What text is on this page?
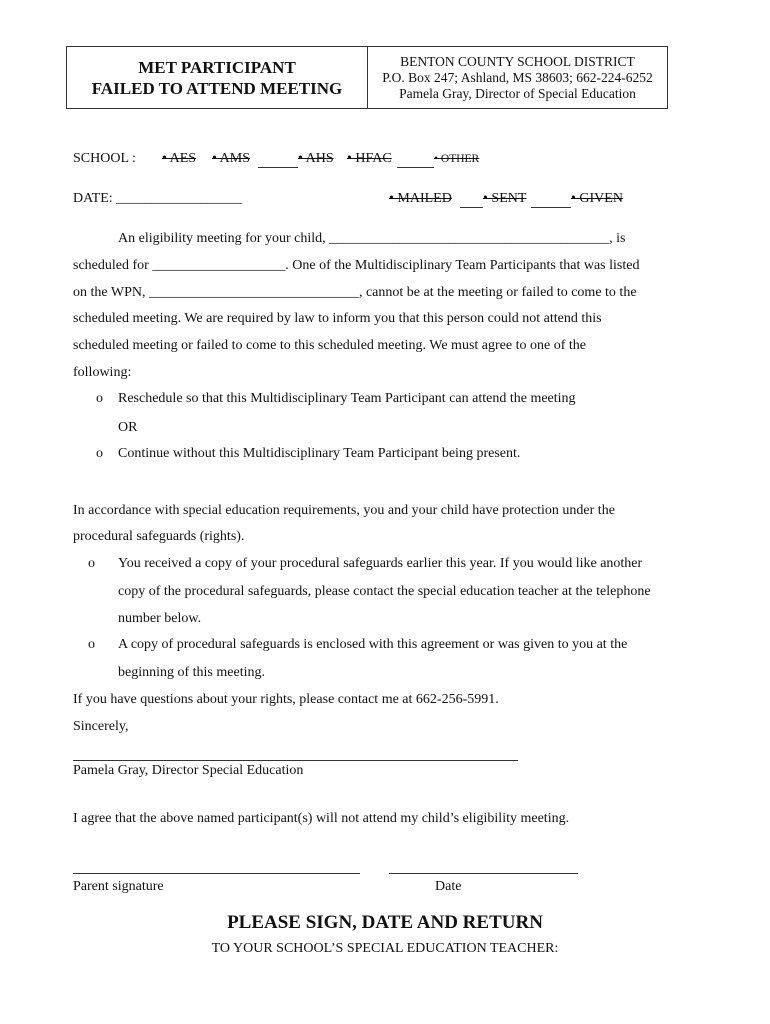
MET PARTICIPANT
FAILED TO ATTEND MEETING
BENTON COUNTY SCHOOL DISTRICT
P.O. Box 247; Ashland, MS 38603; 662-224-6252
Pamela Gray, Director of Special Education
SCHOOL : • AES • AMS	• AHS • HFAC	• OTHER
DATE: __________________	• MAILED • SENT	• GIVEN
An eligibility meeting for your child, ________________________________________, is
scheduled for ___________________. One of the Multidisciplinary Team Participants that was listed
on the WPN, ______________________________, cannot be at the meeting or failed to come to the
scheduled meeting. We are required by law to inform you that this person could not attend this
scheduled meeting or failed to come to this scheduled meeting. We must agree to one of the
following:
o Reschedule so that this Multidisciplinary Team Participant can attend the meeting
OR
o Continue without this Multidisciplinary Team Participant being present.
In accordance with special education requirements, you and your child have protection under the
procedural safeguards (rights).
o You received a copy of your procedural safeguards earlier this year. If you would like another
copy of the procedural safeguards, please contact the special education teacher at the telephone
number below.
o A copy of procedural safeguards is enclosed with this agreement or was given to you at the
beginning of this meeting.
If you have questions about your rights, please contact me at 662-256-5991.
Sincerely,
Pamela Gray, Director Special Education
I agree that the above named participant(s) will not attend my child’s eligibility meeting.
Parent signature	Date
PLEASE SIGN, DATE AND RETURN
TO YOUR SCHOOL’S SPECIAL EDUCATION TEACHER:
